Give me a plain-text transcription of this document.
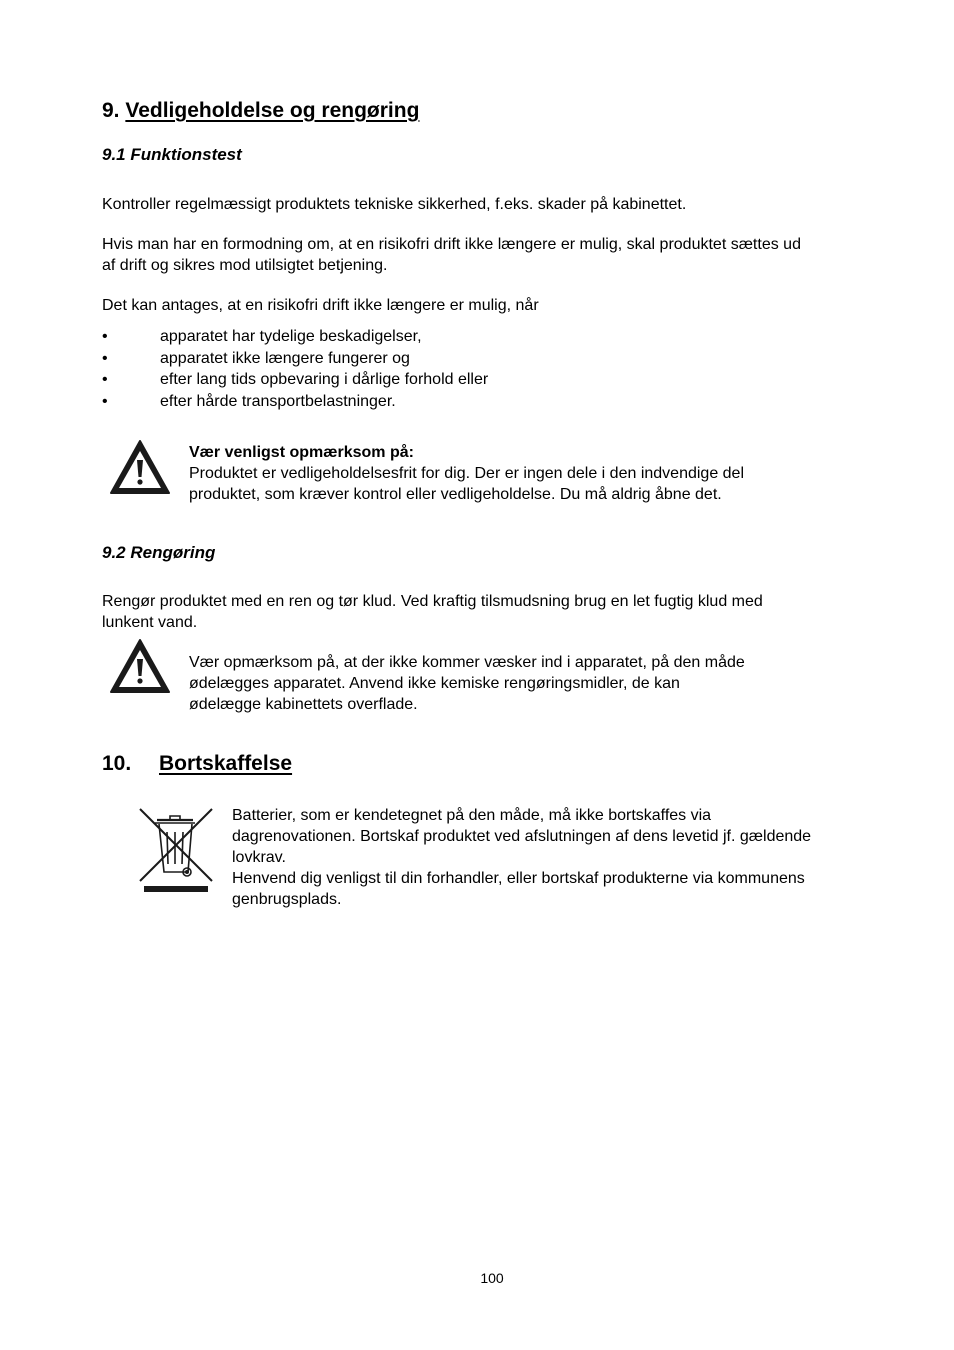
9. Vedligeholdelse og rengøring
9.1 Funktionstest
Kontroller regelmæssigt produktets tekniske sikkerhed, f.eks. skader på kabinettet.
Hvis man har en formodning om, at en risikofri drift ikke længere er mulig, skal produktet sættes ud
af drift og sikres mod utilsigtet betjening.
Det kan antages, at en risikofri drift ikke længere er mulig, når
• apparatet har tydelige beskadigelser,
• apparatet ikke længere fungerer og
• efter lang tids opbevaring i dårlige forhold eller
• efter hårde transportbelastninger.
Vær venligst opmærksom på:
Produktet er vedligeholdelsesfrit for dig. Der er ingen dele i den indvendige del
produktet, som kræver kontrol eller vedligeholdelse. Du må aldrig åbne det.
9.2 Rengøring
Rengør produktet med en ren og tør klud. Ved kraftig tilsmudsning brug en let fugtig klud med
lunkent vand.
Vær opmærksom på, at der ikke kommer væsker ind i apparatet, på den måde
ødelægges apparatet. Anvend ikke kemiske rengøringsmidler, de kan
ødelægge kabinettets overflade.
10. Bortskaffelse
Batterier, som er kendetegnet på den måde, må ikke bortskaffes via
dagrenovationen. Bortskaf produktet ved afslutningen af dens levetid jf. gældende
lovkrav.
Henvend dig venligst til din forhandler, eller bortskaf produkterne via kommunens
genbrugsplads.
100
